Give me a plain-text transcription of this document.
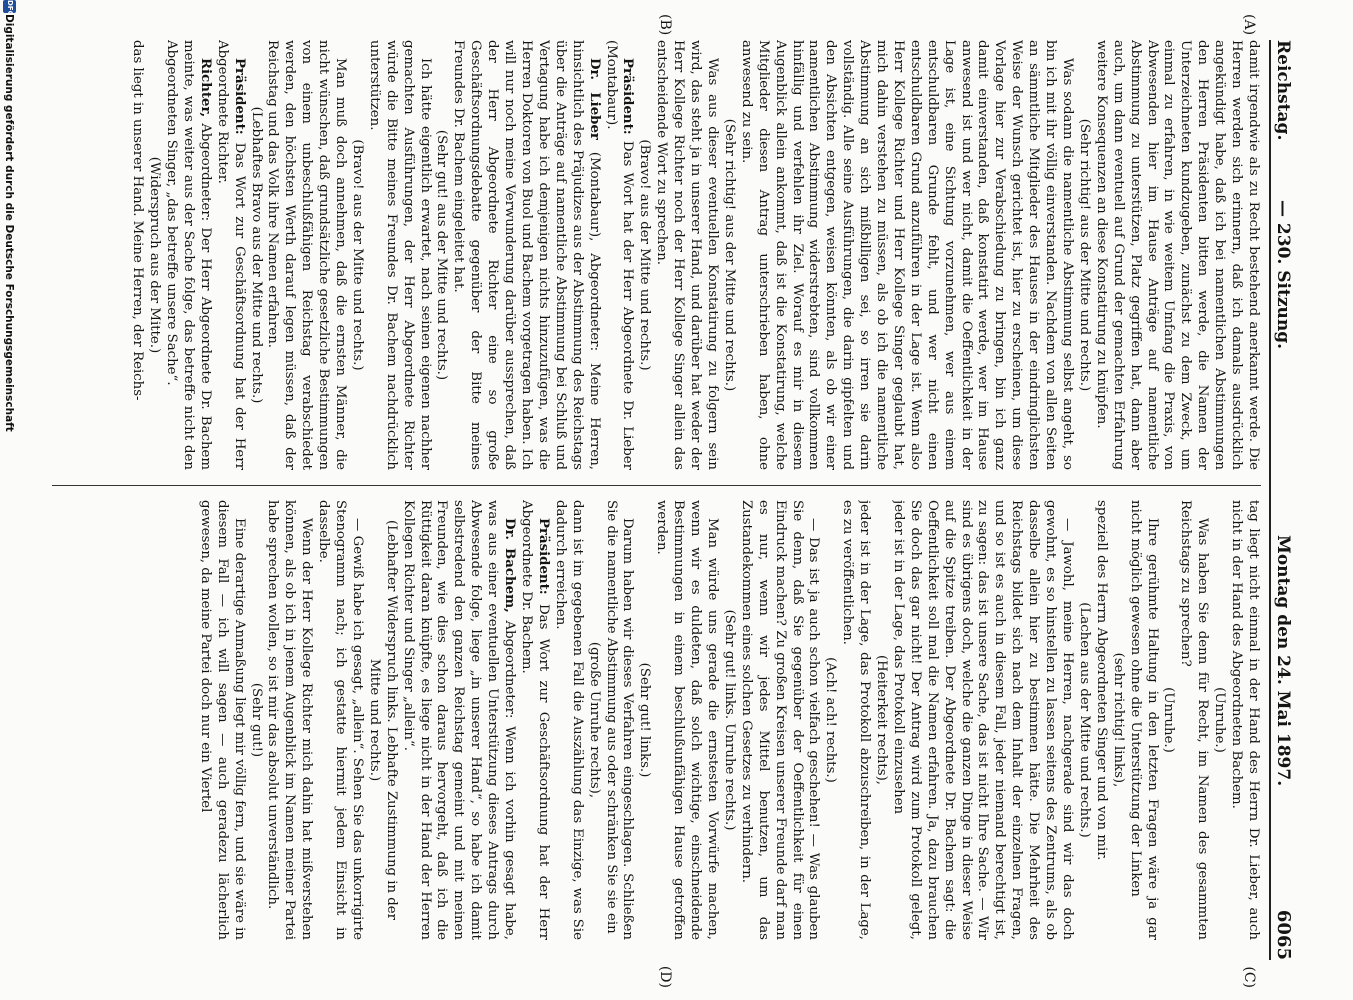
Reichstag.
— 230. Sitzung.
Montag den 24. Mai 1897.
6065
(A)
(B)
(C)
(D)

damit irgendwie als zu Recht bestehend anerkannt werde. Die Herren werden sich erinnern, daß ich damals ausdrücklich angekündigt habe, daß ich bei namentlichen Abstimmungen den Herren Präsidenten bitten werde, die Namen der Unterzeichneten kundzugeben, zunächst zu dem Zweck, um einmal zu erfahren, in wie weitem Umfang die Praxis, von Abwesenden hier im Hause Anträge auf namentliche Abstimmung zu unterstützen, Platz gegriffen hat, dann aber auch, um dann eventuell auf Grund der gemachten Erfahrung weitere Konsequenzen an diese Konstatirung zu knüpfen.

(Sehr richtig! aus der Mitte und rechts.)

Was sodann die namentliche Abstimmung selbst angeht, so bin ich mit ihr völlig einverstanden. Nachdem von allen Seiten an sämmtliche Mitglieder des Hauses in der eindringlichsten Weise der Wunsch gerichtet ist, hier zu erscheinen, um diese Vorlage hier zur Verabschiedung zu bringen, bin ich ganz damit einverstanden, daß konstatirt werde, wer im Hause anwesend ist und wer nicht, damit die Oeffentlichkeit in der Lage ist, eine Sichtung vorzunehmen, wer aus einem entschuldbaren Grunde fehlt, und wer nicht einen entschuldbaren Grund anzuführen in der Lage ist. Wenn also Herr Kollege Richter und Herr Kollege Singer geglaubt hat, mich dahin verstehen zu müssen, als ob ich die namentliche Abstimmung an sich mißbilligen sei, so irren sie darin vollständig. Alle seine Ausführungen, die darin gipfelten und den Absichten entgegen, weisen könnten, als ob wir einer namentlichen Abstimmung widerstrebten, sind vollkommen hinfällig und verfehlen ihr Ziel. Worauf es mir in diesem Augenblick allein ankommt, daß ist die Konstatirung, welche Mitglieder diesen Antrag unterschrieben haben, ohne anwesend zu sein.

(Sehr richtig! aus der Mitte und rechts.)

Was aus dieser eventuellen Konstatirung zu folgern sein wird, das steht ja in unserer Hand, und darüber hat weder der Herr Kollege Richter noch der Herr Kollege Singer allein das entscheidende Wort zu sprechen.

(Bravo! aus der Mitte und rechts.)

Präsident: Das Wort hat der Herr Abgeordnete Dr. Lieber (Montabaur).

Dr. Lieber (Montabaur), Abgeordneter: Meine Herren, hinsichtlich des Präjudizes aus der Abstimmung des Reichstags über die Anträge auf namentliche Abstimmung bei Schluß und Vertagung habe ich demjenigen nichts hinzuzufügen, was die Herren Doktoren von Buol und Bachem vorgetragen haben. Ich will nur noch meine Verwunderung darüber aussprechen, daß der Herr Abgeordnete Richter eine so große Geschäftsordnungsdebatte gegenüber der Bitte meines Freundes Dr. Bachem eingeleitet hat.

(Sehr gut! aus der Mitte und rechts.)

Ich hätte eigentlich erwartet, nach seinen eigenen nachher gemachten Ausführungen, der Herr Abgeordnete Richter würde die Bitte meines Freundes Dr. Bachem nachdrücklich unterstützen.

(Bravo! aus der Mitte und rechts.)

Man muß doch annehmen, daß die ernsten Männer, die nicht wünschen, daß grundsätzliche gesetzliche Bestimmungen von einem unbeschlußfähigen Reichstag verabschiedet werden, den höchsten Werth darauf legen müssen, daß der Reichstag und das Volk ihre Namen erfahren.

(Lebhaftes Bravo aus der Mitte und rechts.)

Präsident: Das Wort zur Geschäftsordnung hat der Herr Abgeordnete Richter.

Richter, Abgeordneter: Der Herr Abgeordnete Dr. Bachem meinte, was weiter aus der Sache folge, das betreffe nicht den Abgeordneten Singer, „das betreffe unsere Sache“.

(Widerspruch aus der Mitte.)

das liegt in unserer Hand. Meine Herren, der Reichs-

tag liegt nicht einmal in der Hand des Herrn Dr. Lieber, auch nicht in der Hand des Abgeordneten Bachem.

(Unruhe.)

Was haben Sie denn für Recht, im Namen des gesammten Reichstags zu sprechen?

(Unruhe.)

Ihre gerühmte Haltung in den letzten Fragen wäre ja gar nicht möglich gewesen ohne die Unterstützung der Linken

(sehr richtig! links),

speziell des Herrn Abgeordneten Singer und von mir.

(Lachen aus der Mitte und rechts.)

— Jawohl, meine Herren, nachgerade sind wir das doch gewohnt, es so hinstellen zu lassen seitens des Zentrums, als ob dasselbe allein hier zu bestimmen hätte. Die Mehrheit des Reichstags bildet sich nach dem Inhalt der einzelnen Fragen, und so ist es auch in diesem Fall, jeder niemand berechtigt ist, zu sagen: das ist unsere Sache, das ist nicht Ihre Sache. — Wir sind es übrigens doch, welche die ganzen Dinge in dieser Weise auf die Spitze treiben. Der Abgeordnete Dr. Bachem sagt: die Oeffentlichkeit soll mal die Namen erfahren. Ja, dazu brauchen Sie doch das gar nicht! Der Antrag wird zum Protokoll gelegt, jeder ist in der Lage, das Protokoll einzusehen

(Heiterkeit rechts),

jeder ist in der Lage, das Protokoll abzuschreiben, in der Lage, es zu veröffentlichen.

(Ach! ach! rechts.)

— Das ist ja auch schon vielfach geschehen! — Was glauben Sie denn, daß Sie gegenüber der Oeffentlichkeit für einen Eindruck machen? Zu großen Kreisen unserer Freunde darf man es nur, wenn wir jedes Mittel benutzen, um das Zustandekommen eines solchen Gesetzes zu verhindern.

(Sehr gut! links. Unruhe rechts.)

Man würde uns gerade die ernstesten Vorwürfe machen, wenn wir es duldeten, daß solch wichtige, einschneidende Bestimmungen in einem beschlußunfähigen Hause getroffen werden.

(Sehr gut! links.)

Darum haben wir dieses Verfahren eingeschlagen. Schließen Sie die namentliche Abstimmung aus oder schränken Sie sie ein

(große Unruhe rechts),

dann ist im gegebenen Fall die Auszählung das Einzige, was Sie dadurch erreichen.

Präsident: Das Wort zur Geschäftsordnung hat der Herr Abgeordnete Dr. Bachem.

Dr. Bachem, Abgeordneter: Wenn ich vorhin gesagt habe, was aus einer eventuellen Unterstützung dieses Antrags durch Abwesende folge, liege „in unserer Hand“, so habe ich damit selbstredend den ganzen Reichstag gemeint und mit meinen Freunden, wie dies schon daraus hervorgeht, daß ich die Rüttigkeit daran knüpfte, es liege nicht in der Hand der Herren Kollegen Richter und Singer „allein“.

(Lebhafter Widerspruch links. Lebhafte Zustimmung in der Mitte und rechts.)

— Gewiß habe ich gesagt, „allein“. Sehen Sie das unkorrigirte Stenogramm nach; ich gestatte hiermit jedem Einsicht in dasselbe.

Wenn der Herr Kollege Richter mich dahin hat mißverstehen können, als ob ich in jenem Augenblick im Namen meiner Partei habe sprechen wollen, so ist mir das absolut unverständlich.

(Sehr gut!)

Eine derartige Anmaßung liegt mir völlig fern, und sie wäre in diesem Fall — ich will sagen — auch geradezu lächerlich gewesen, da meine Partei doch nur ein Viertel

DFG
Digitalisierung gefördert durch die Deutsche Forschungsgemeinschaft
